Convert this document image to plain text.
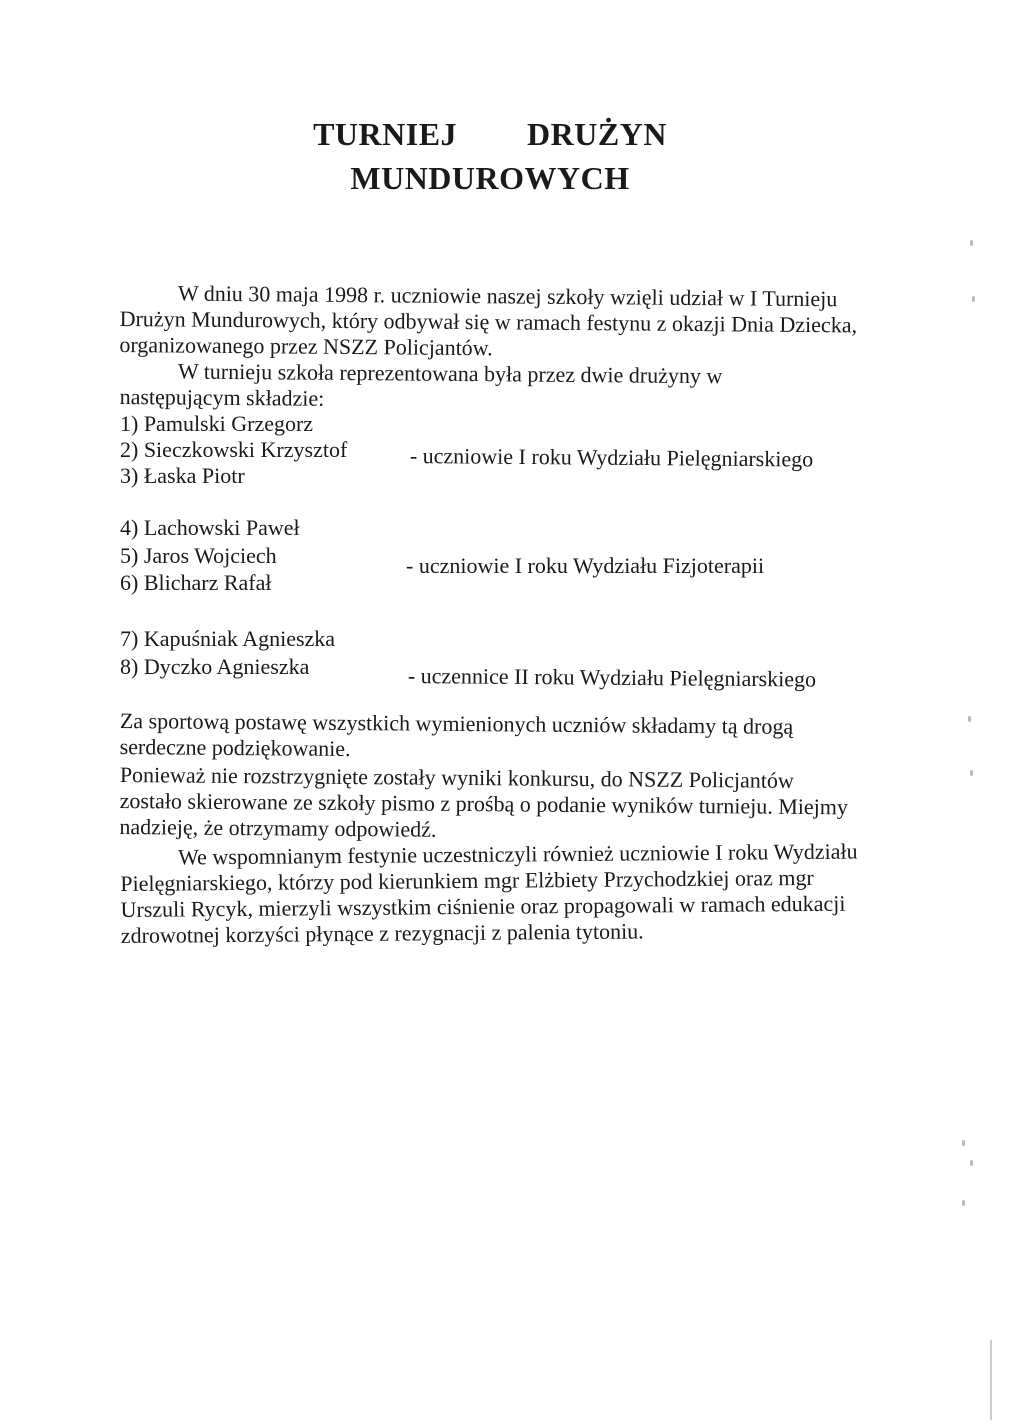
TURNIEJ DRUŻYN
MUNDUROWYCH
W dniu 30 maja 1998 r. uczniowie naszej szkoły wzięli udział w I Turnieju Drużyn Mundurowych, który odbywał się w ramach festynu z okazji Dnia Dziecka, organizowanego przez NSZZ Policjantów.
W turnieju szkoła reprezentowana była przez dwie drużyny w następującym składzie:
1) Pamulski Grzegorz
2) Sieczkowski Krzysztof
3) Łaska Piotr
- uczniowie I roku Wydziału Pielęgniarskiego
4) Lachowski Paweł
5) Jaros Wojciech
6) Blicharz Rafał
- uczniowie I roku Wydziału Fizjoterapii
7) Kapuśniak Agnieszka
8) Dyczko Agnieszka	- uczennice II roku Wydziału Pielęgniarskiego
Za sportową postawę wszystkich wymienionych uczniów składamy tą drogą serdeczne podziękowanie.
Ponieważ nie rozstrzygnięte zostały wyniki konkursu, do NSZZ Policjantów zostało skierowane ze szkoły pismo z prośbą o podanie wyników turnieju. Miejmy nadzieję, że otrzymamy odpowiedź.
We wspomnianym festynie uczestniczyli również uczniowie I roku Wydziału Pielęgniarskiego, którzy pod kierunkiem mgr Elżbiety Przychodzkiej oraz mgr Urszuli Rycyk, mierzyli wszystkim ciśnienie oraz propagowali w ramach edukacji zdrowotnej korzyści płynące z rezygnacji z palenia tytoniu.
